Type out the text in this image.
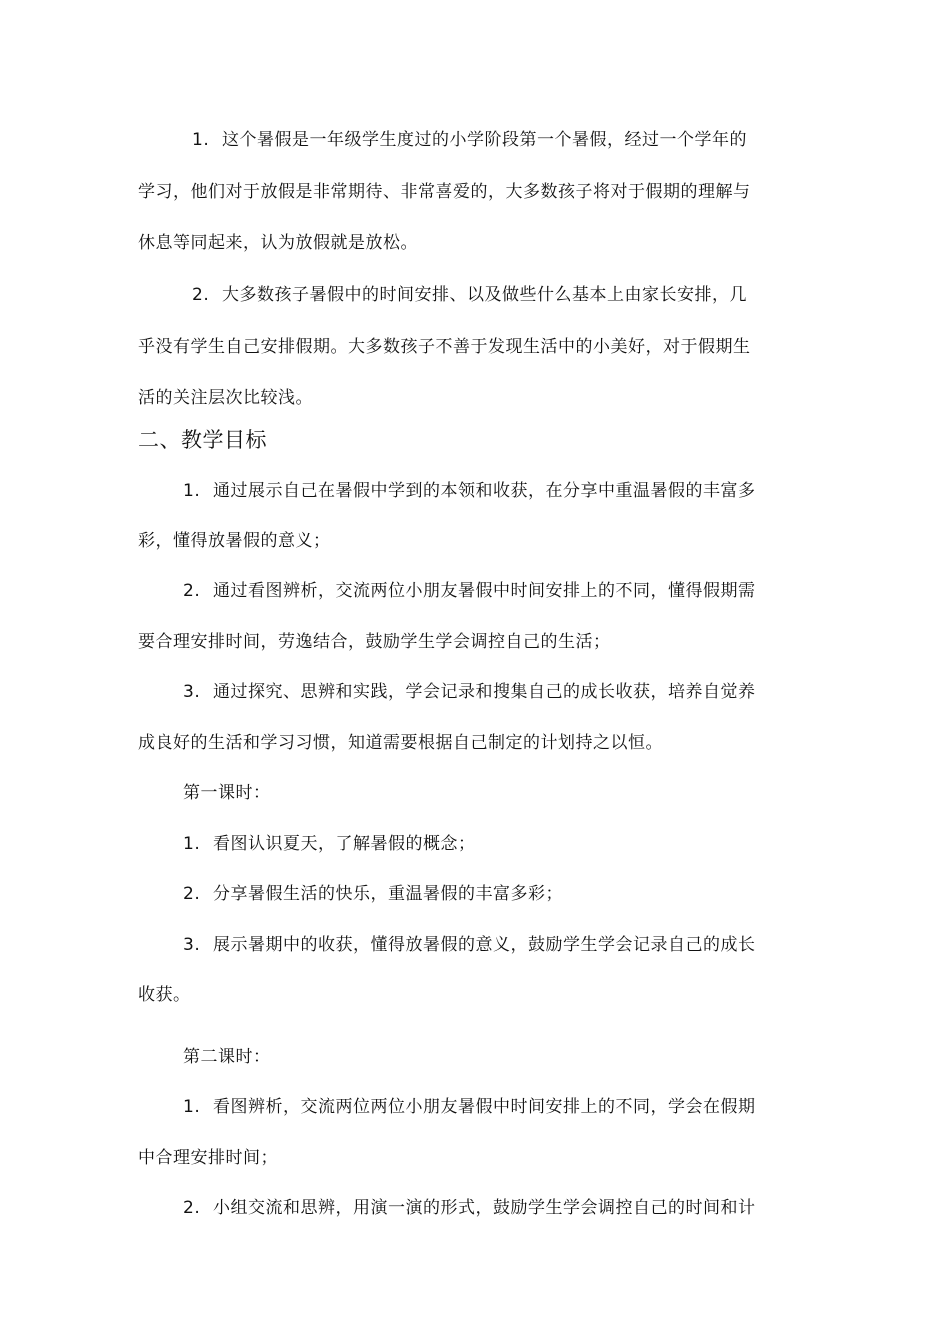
1. 这个暑假是一年级学生度过的小学阶段第一个暑假，经过一个学年的
学习，他们对于放假是非常期待、非常喜爱的，大多数孩子将对于假期的理解与
休息等同起来，认为放假就是放松。
2. 大多数孩子暑假中的时间安排、以及做些什么基本上由家长安排，几
乎没有学生自己安排假期。大多数孩子不善于发现生活中的小美好，对于假期生
活的关注层次比较浅。
二、教学目标
1. 通过展示自己在暑假中学到的本领和收获，在分享中重温暑假的丰富多
彩，懂得放暑假的意义；
2. 通过看图辨析，交流两位小朋友暑假中时间安排上的不同，懂得假期需
要合理安排时间，劳逸结合，鼓励学生学会调控自己的生活；
3. 通过探究、思辨和实践，学会记录和搜集自己的成长收获，培养自觉养
成良好的生活和学习习惯，知道需要根据自己制定的计划持之以恒。
第一课时：
1. 看图认识夏天，了解暑假的概念；
2. 分享暑假生活的快乐，重温暑假的丰富多彩；
3. 展示暑期中的收获，懂得放暑假的意义，鼓励学生学会记录自己的成长
收获。
第二课时：
1. 看图辨析，交流两位两位小朋友暑假中时间安排上的不同，学会在假期
中合理安排时间；
2. 小组交流和思辨，用演一演的形式，鼓励学生学会调控自己的时间和计
